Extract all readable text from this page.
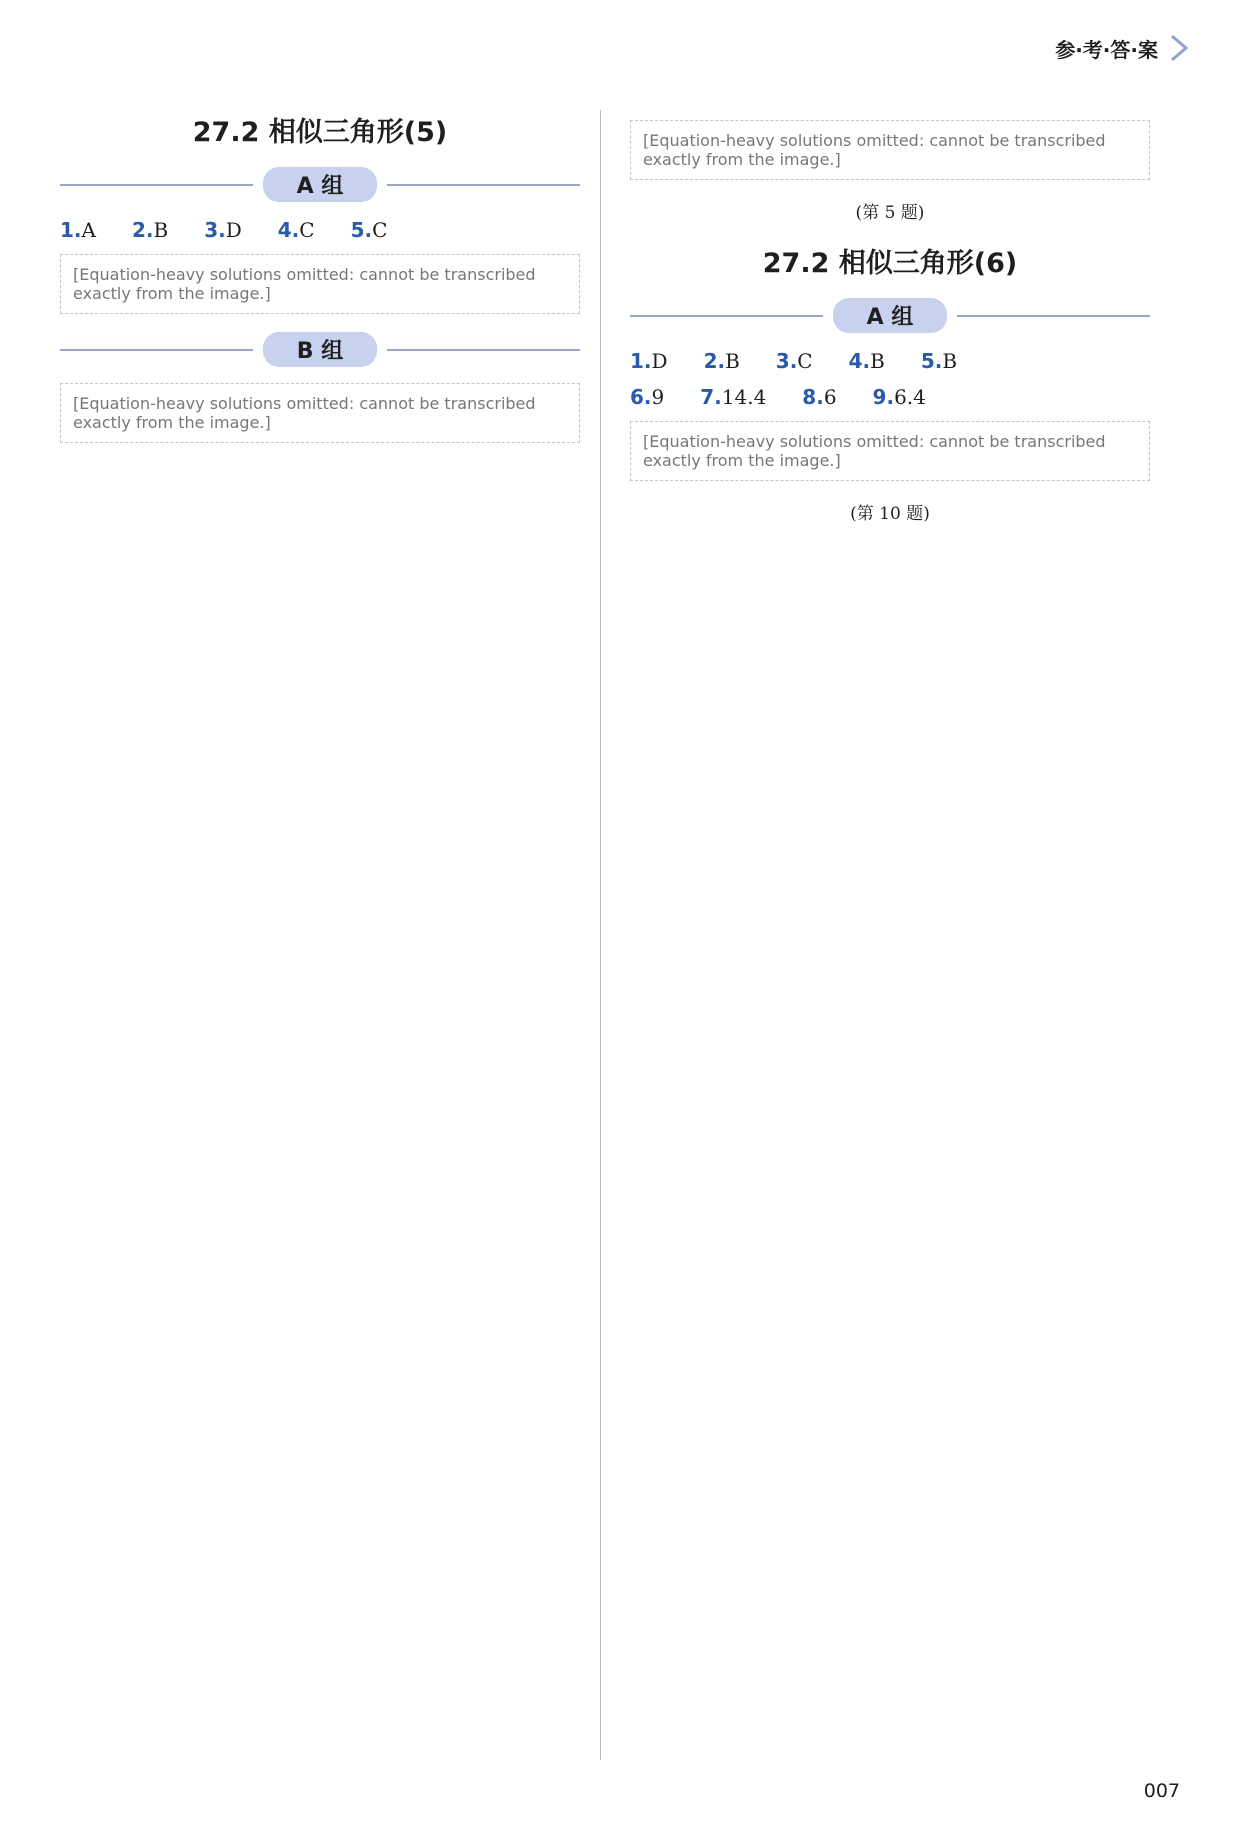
参·考·答·案
27.2 相似三角形(5)
A 组
1.A 2.B 3.D 4.C 5.C
[Equation-heavy solutions omitted: cannot be transcribed exactly from the image.]
B 组
[Equation-heavy solutions omitted: cannot be transcribed exactly from the image.]
[Equation-heavy solutions omitted: cannot be transcribed exactly from the image.]
(第 5 题)
27.2 相似三角形(6)
A 组
1.D 2.B 3.C 4.B 5.B
6.9 7.14.4 8.6 9.6.4
[Equation-heavy solutions omitted: cannot be transcribed exactly from the image.]
(第 10 题)
007
